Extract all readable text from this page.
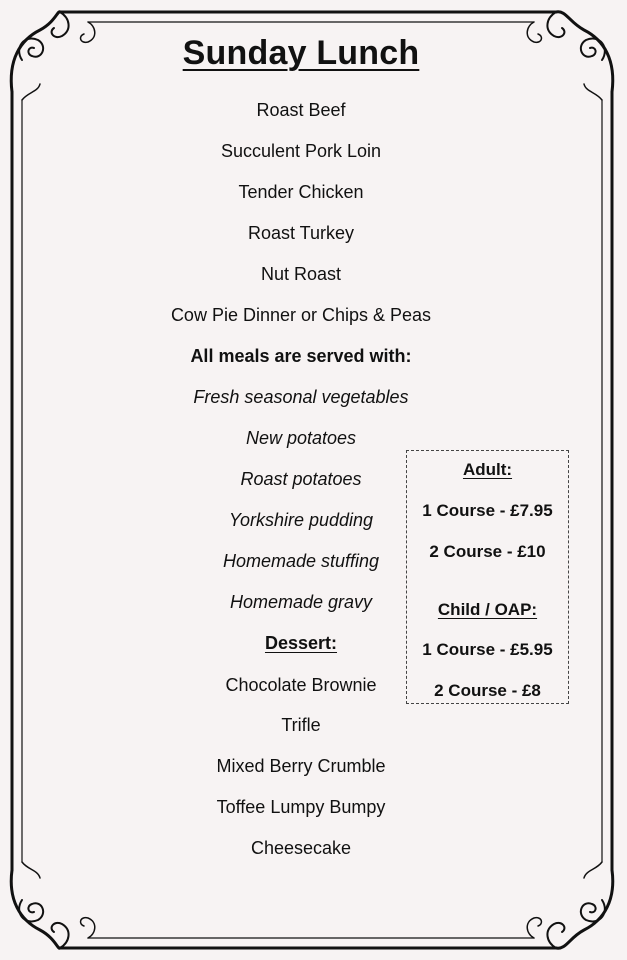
Sunday Lunch
Roast Beef
Succulent Pork Loin
Tender Chicken
Roast Turkey
Nut Roast
Cow Pie Dinner or Chips & Peas
All meals are served with:
Fresh seasonal vegetables
New potatoes
Roast potatoes
Yorkshire pudding
Homemade stuffing
Homemade gravy
Dessert:
Chocolate Brownie
Trifle
Mixed Berry Crumble
Toffee Lumpy Bumpy
Cheesecake
Adult:
1 Course - £7.95
2 Course - £10
Child / OAP:
1 Course - £5.95
2 Course - £8
